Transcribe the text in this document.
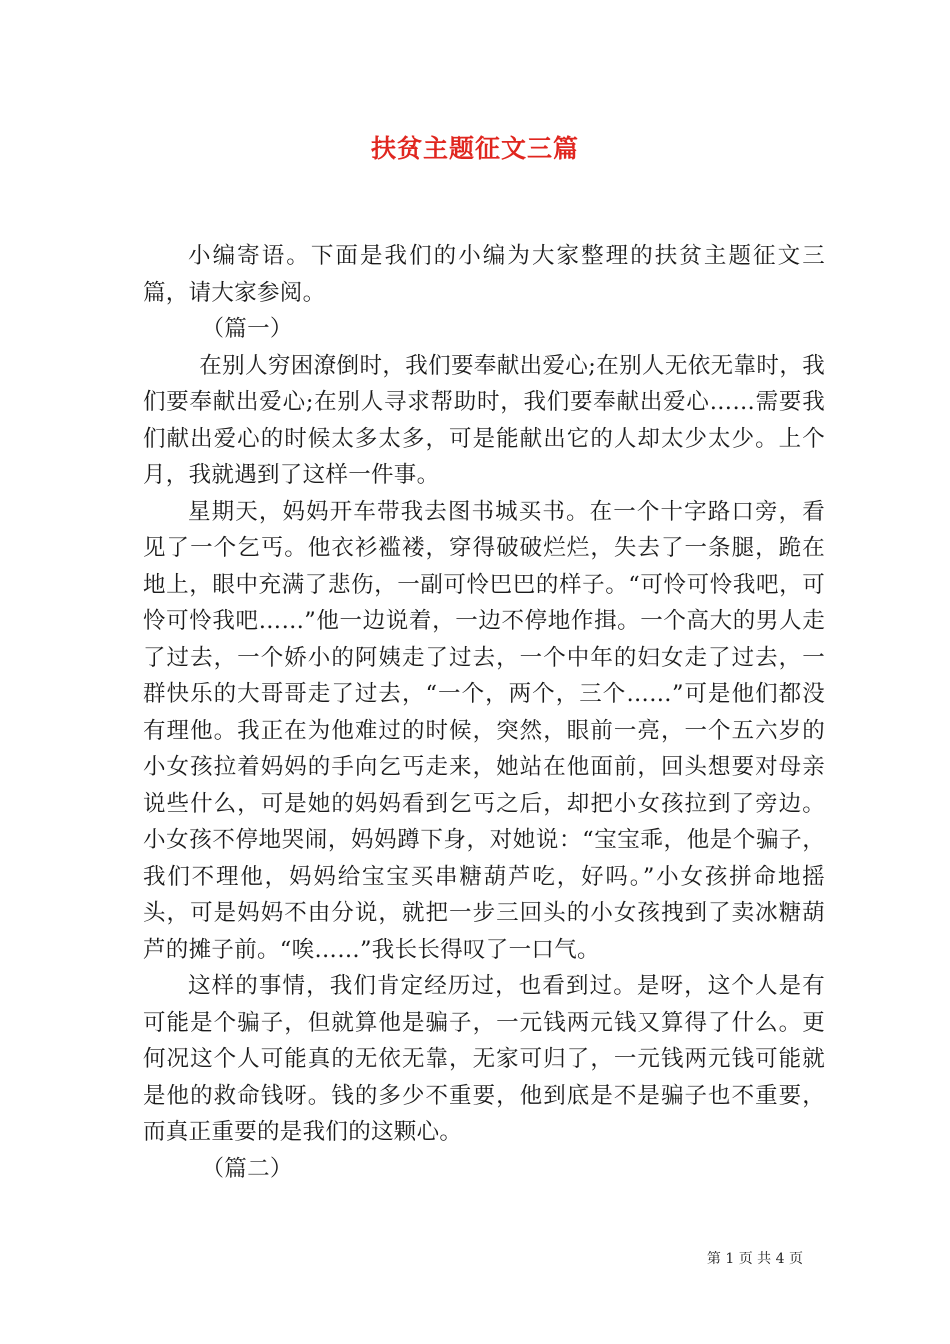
扶贫主题征文三篇

小编寄语。下面是我们的小编为大家整理的扶贫主题征文三篇，请大家参阅。

（篇一）

在别人穷困潦倒时，我们要奉献出爱心;在别人无依无靠时，我们要奉献出爱心;在别人寻求帮助时，我们要奉献出爱心……需要我们献出爱心的时候太多太多，可是能献出它的人却太少太少。上个月，我就遇到了这样一件事。

星期天，妈妈开车带我去图书城买书。在一个十字路口旁，看见了一个乞丐。他衣衫褴褛，穿得破破烂烂，失去了一条腿，跪在地上，眼中充满了悲伤，一副可怜巴巴的样子。“可怜可怜我吧，可怜可怜我吧……”他一边说着，一边不停地作揖。一个高大的男人走了过去，一个娇小的阿姨走了过去，一个中年的妇女走了过去，一群快乐的大哥哥走了过去，“一个，两个，三个……”可是他们都没有理他。我正在为他难过的时候，突然，眼前一亮，一个五六岁的小女孩拉着妈妈的手向乞丐走来，她站在他面前，回头想要对母亲说些什么，可是她的妈妈看到乞丐之后，却把小女孩拉到了旁边。小女孩不停地哭闹，妈妈蹲下身，对她说：“宝宝乖，他是个骗子，我们不理他，妈妈给宝宝买串糖葫芦吃，好吗。”小女孩拼命地摇头，可是妈妈不由分说，就把一步三回头的小女孩拽到了卖冰糖葫芦的摊子前。“唉……”我长长得叹了一口气。

这样的事情，我们肯定经历过，也看到过。是呀，这个人是有可能是个骗子，但就算他是骗子，一元钱两元钱又算得了什么。更何况这个人可能真的无依无靠，无家可归了，一元钱两元钱可能就是他的救命钱呀。钱的多少不重要，他到底是不是骗子也不重要，而真正重要的是我们的这颗心。

（篇二）

第 1 页 共 4 页
